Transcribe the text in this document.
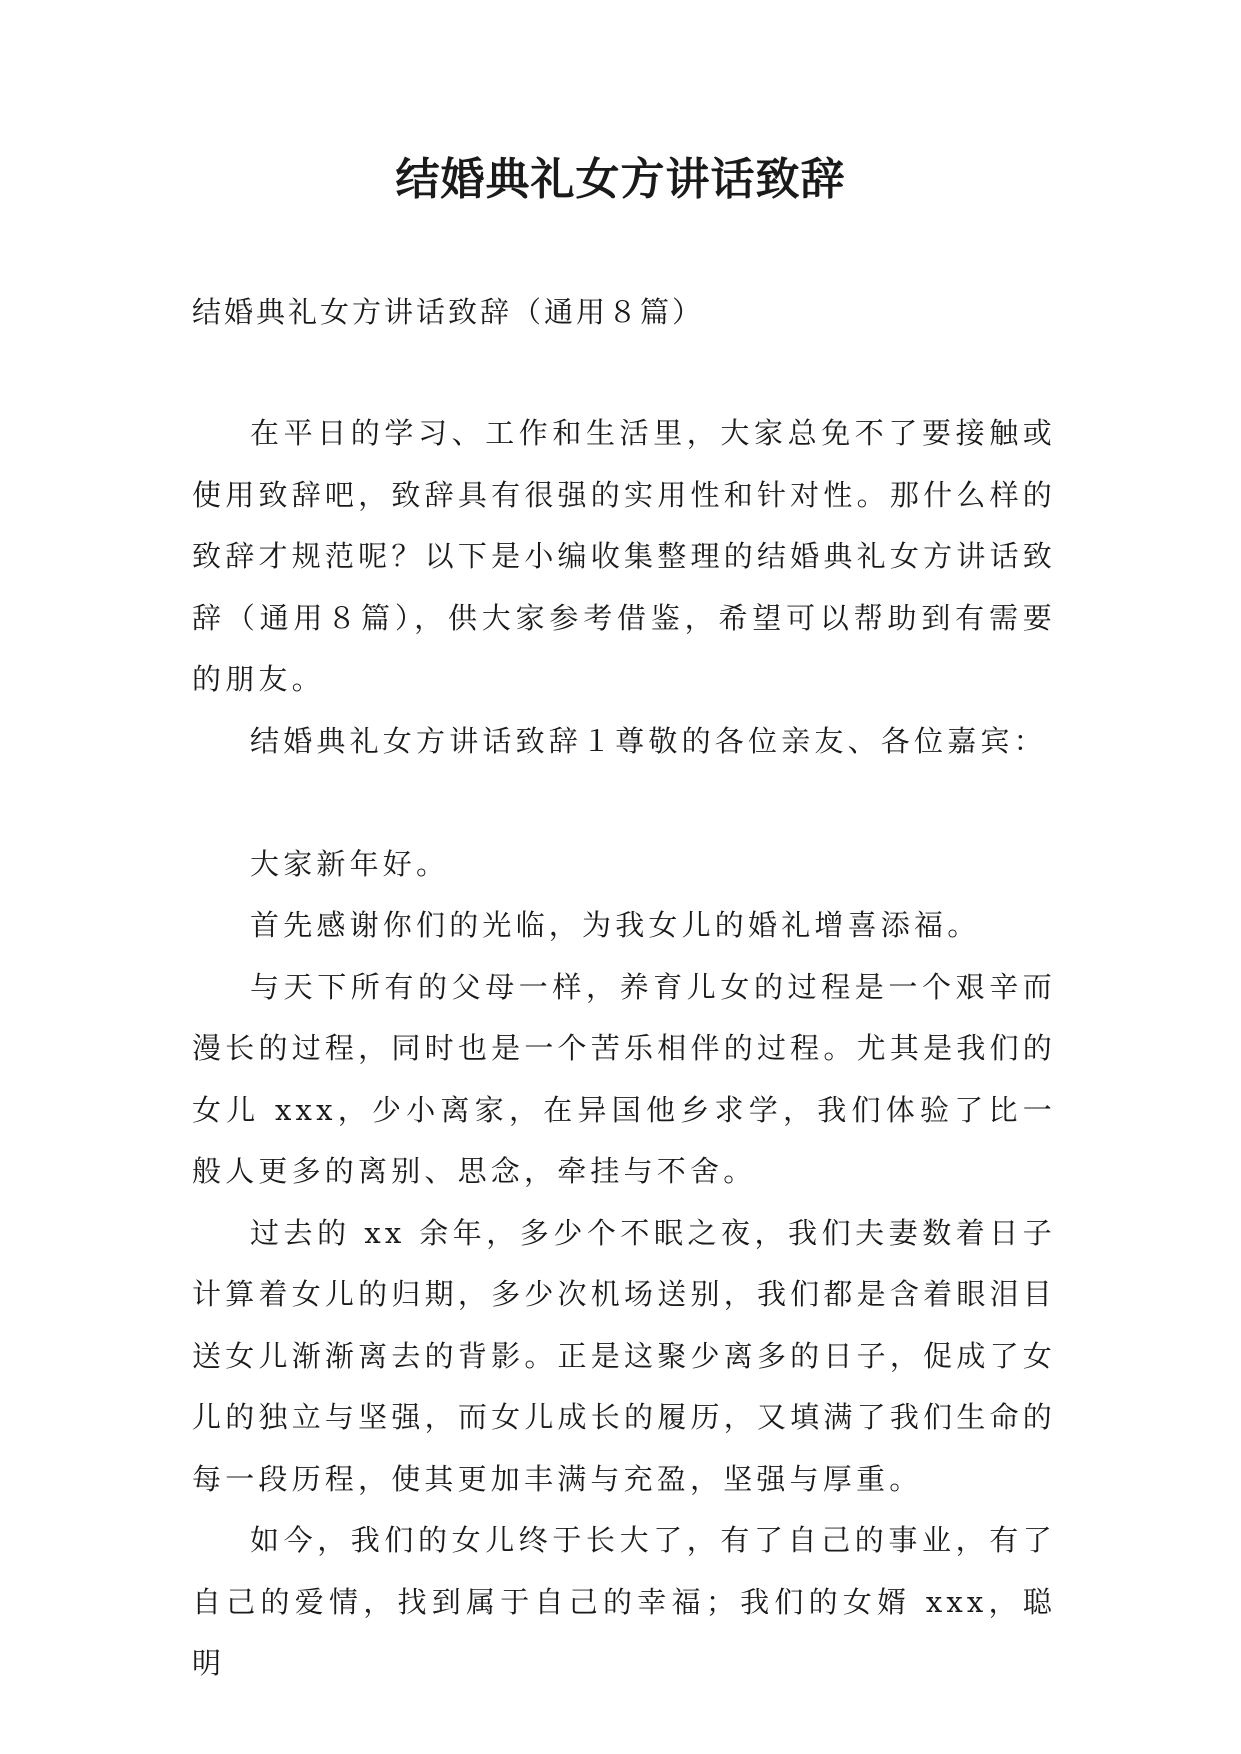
结婚典礼女方讲话致辞

结婚典礼女方讲话致辞（通用８篇）

在平日的学习、工作和生活里，大家总免不了要接触或使用致辞吧，致辞具有很强的实用性和针对性。那什么样的致辞才规范呢？以下是小编收集整理的结婚典礼女方讲话致辞（通用８篇），供大家参考借鉴，希望可以帮助到有需要的朋友。

结婚典礼女方讲话致辞１尊敬的各位亲友、各位嘉宾：

大家新年好。

首先感谢你们的光临，为我女儿的婚礼增喜添福。

与天下所有的父母一样，养育儿女的过程是一个艰辛而漫长的过程，同时也是一个苦乐相伴的过程。尤其是我们的女儿 xxx，少小离家，在异国他乡求学，我们体验了比一般人更多的离别、思念，牵挂与不舍。

过去的 xx 余年，多少个不眠之夜，我们夫妻数着日子计算着女儿的归期，多少次机场送别，我们都是含着眼泪目送女儿渐渐离去的背影。正是这聚少离多的日子，促成了女儿的独立与坚强，而女儿成长的履历，又填满了我们生命的每一段历程，使其更加丰满与充盈，坚强与厚重。

如今，我们的女儿终于长大了，有了自己的事业，有了自己的爱情，找到属于自己的幸福；我们的女婿 xxx，聪明
